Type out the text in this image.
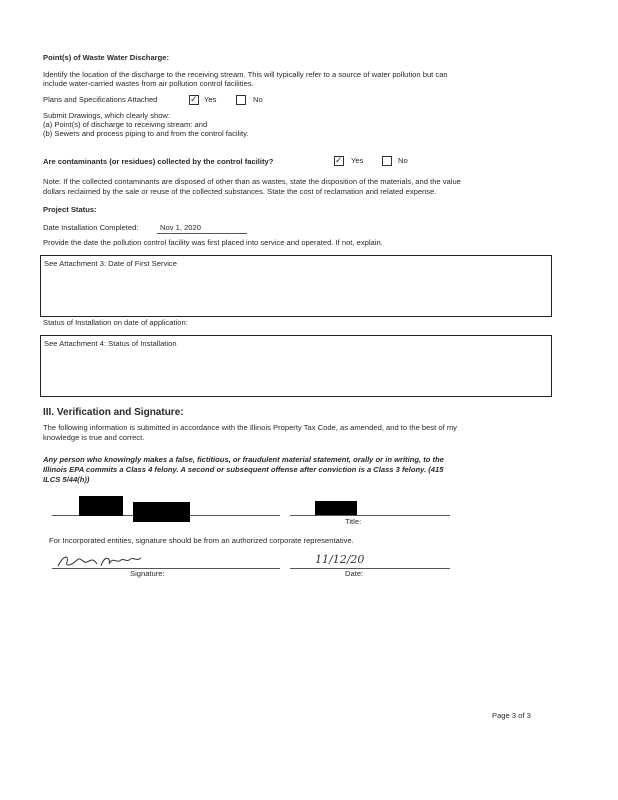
Point(s) of Waste Water Discharge:
Identify the location of the discharge to the receiving stream. This will typically refer to a source of water pollution but can
include water-carried wastes from air pollution control facilities.
Plans and Specifications Attached	✓ Yes	No
Submit Drawings, which clearly show:
(a) Point(s) of discharge to receiving stream: and
(b) Sewers and process piping to and from the control facility.
Are contaminants (or residues) collected by the control facility?	✓ Yes	No
Note: If the collected contaminants are disposed of other than as wastes, state the disposition of the materials, and the value
dollars reclaimed by the sale or reuse of the collected substances. State the cost of reclamation and related expense.
Project Status:
Date Installation Completed:	Nov 1, 2020
Provide the date the pollution control facility was first placed into service and operated. If not, explain.
See Attachment 3: Date of First Service
Status of Installation on date of application:
See Attachment 4: Status of Installation
III. Verification and Signature:
The following information is submitted in accordance with the Illinois Property Tax Code, as amended, and to the best of my
knowledge is true and correct.
Any person who knowingly makes a false, fictitious, or fraudulent material statement, orally or in writing, to the
Illinois EPA commits a Class 4 felony. A second or subsequent offense after conviction is a Class 3 felony. (415
ILCS 5/44(h))
Title:
For Incorporated entities, signature should be from an authorized corporate representative.
Signature:
11/12/20
Date:
Page 3 of 3
